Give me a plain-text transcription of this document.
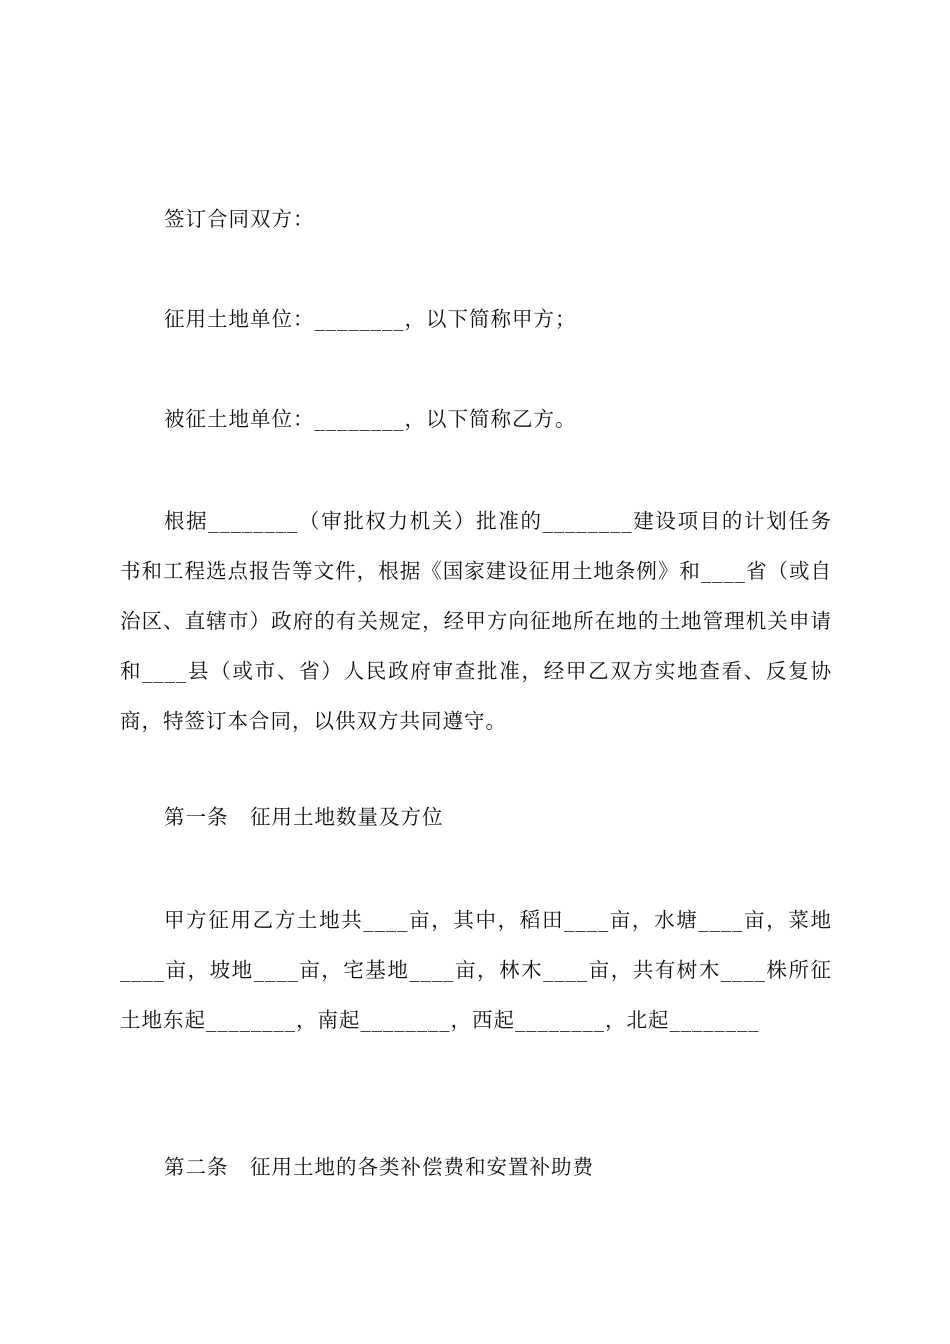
签订合同双方：
征用土地单位：________，以下简称甲方；
被征土地单位：________，以下简称乙方。

根据________（审批权力机关）批准的________建设项目的计划任务书和工程选点报告等文件，根据《国家建设征用土地条例》和____省（或自治区、直辖市）政府的有关规定，经甲方向征地所在地的土地管理机关申请和____县（或市、省）人民政府审查批准，经甲乙双方实地查看、反复协商，特签订本合同，以供双方共同遵守。

第一条　征用土地数量及方位

甲方征用乙方土地共____亩，其中，稻田____亩，水塘____亩，菜地____亩，坡地____亩，宅基地____亩，林木____亩，共有树木____株所征土地东起________，南起________，西起________，北起________

第二条　征用土地的各类补偿费和安置补助费
